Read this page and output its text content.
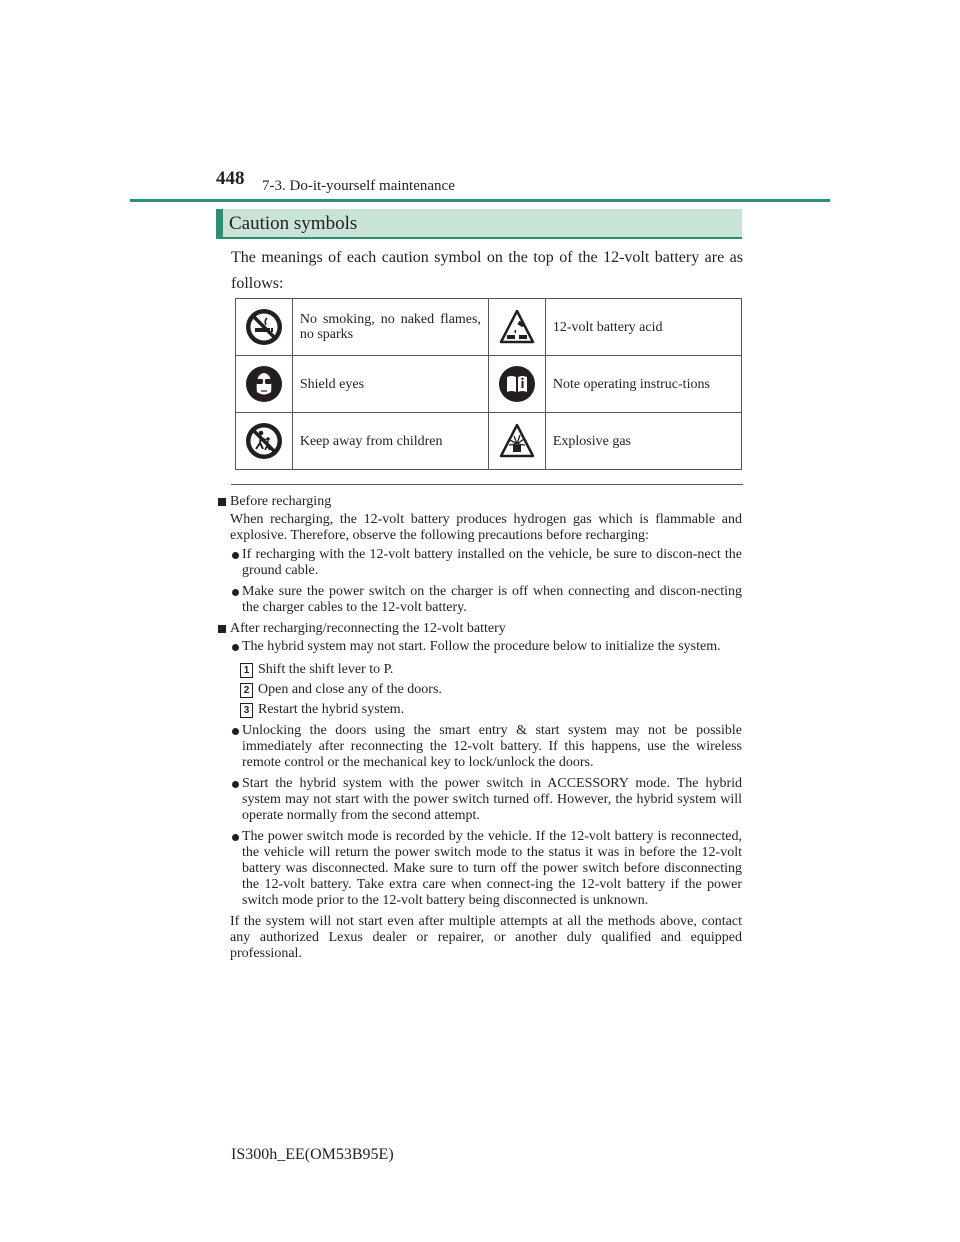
448 7-3. Do-it-yourself maintenance
Caution symbols
The meanings of each caution symbol on the top of the 12-volt battery are as follows:

No smoking, no naked flames, no sparks		12-volt battery acid

Shield eyes		Note operating instruc-tions

Keep away from children		Explosive gas

Before recharging

When recharging, the 12-volt battery produces hydrogen gas which is flammable and explosive. Therefore, observe the following precautions before recharging:

If recharging with the 12-volt battery installed on the vehicle, be sure to discon-nect the ground cable.

Make sure the power switch on the charger is off when connecting and discon-necting the charger cables to the 12-volt battery.

After recharging/reconnecting the 12-volt battery

The hybrid system may not start. Follow the procedure below to initialize the system.

1 Shift the shift lever to P.
2 Open and close any of the doors.
3 Restart the hybrid system.

Unlocking the doors using the smart entry & start system may not be possible immediately after reconnecting the 12-volt battery. If this happens, use the wireless remote control or the mechanical key to lock/unlock the doors.

Start the hybrid system with the power switch in ACCESSORY mode. The hybrid system may not start with the power switch turned off. However, the hybrid system will operate normally from the second attempt.

The power switch mode is recorded by the vehicle. If the 12-volt battery is reconnected, the vehicle will return the power switch mode to the status it was in before the 12-volt battery was disconnected. Make sure to turn off the power switch before disconnecting the 12-volt battery. Take extra care when connect-ing the 12-volt battery if the power switch mode prior to the 12-volt battery being disconnected is unknown.

If the system will not start even after multiple attempts at all the methods above, contact any authorized Lexus dealer or repairer, or another duly qualified and equipped professional.

IS300h_EE(OM53B95E)
